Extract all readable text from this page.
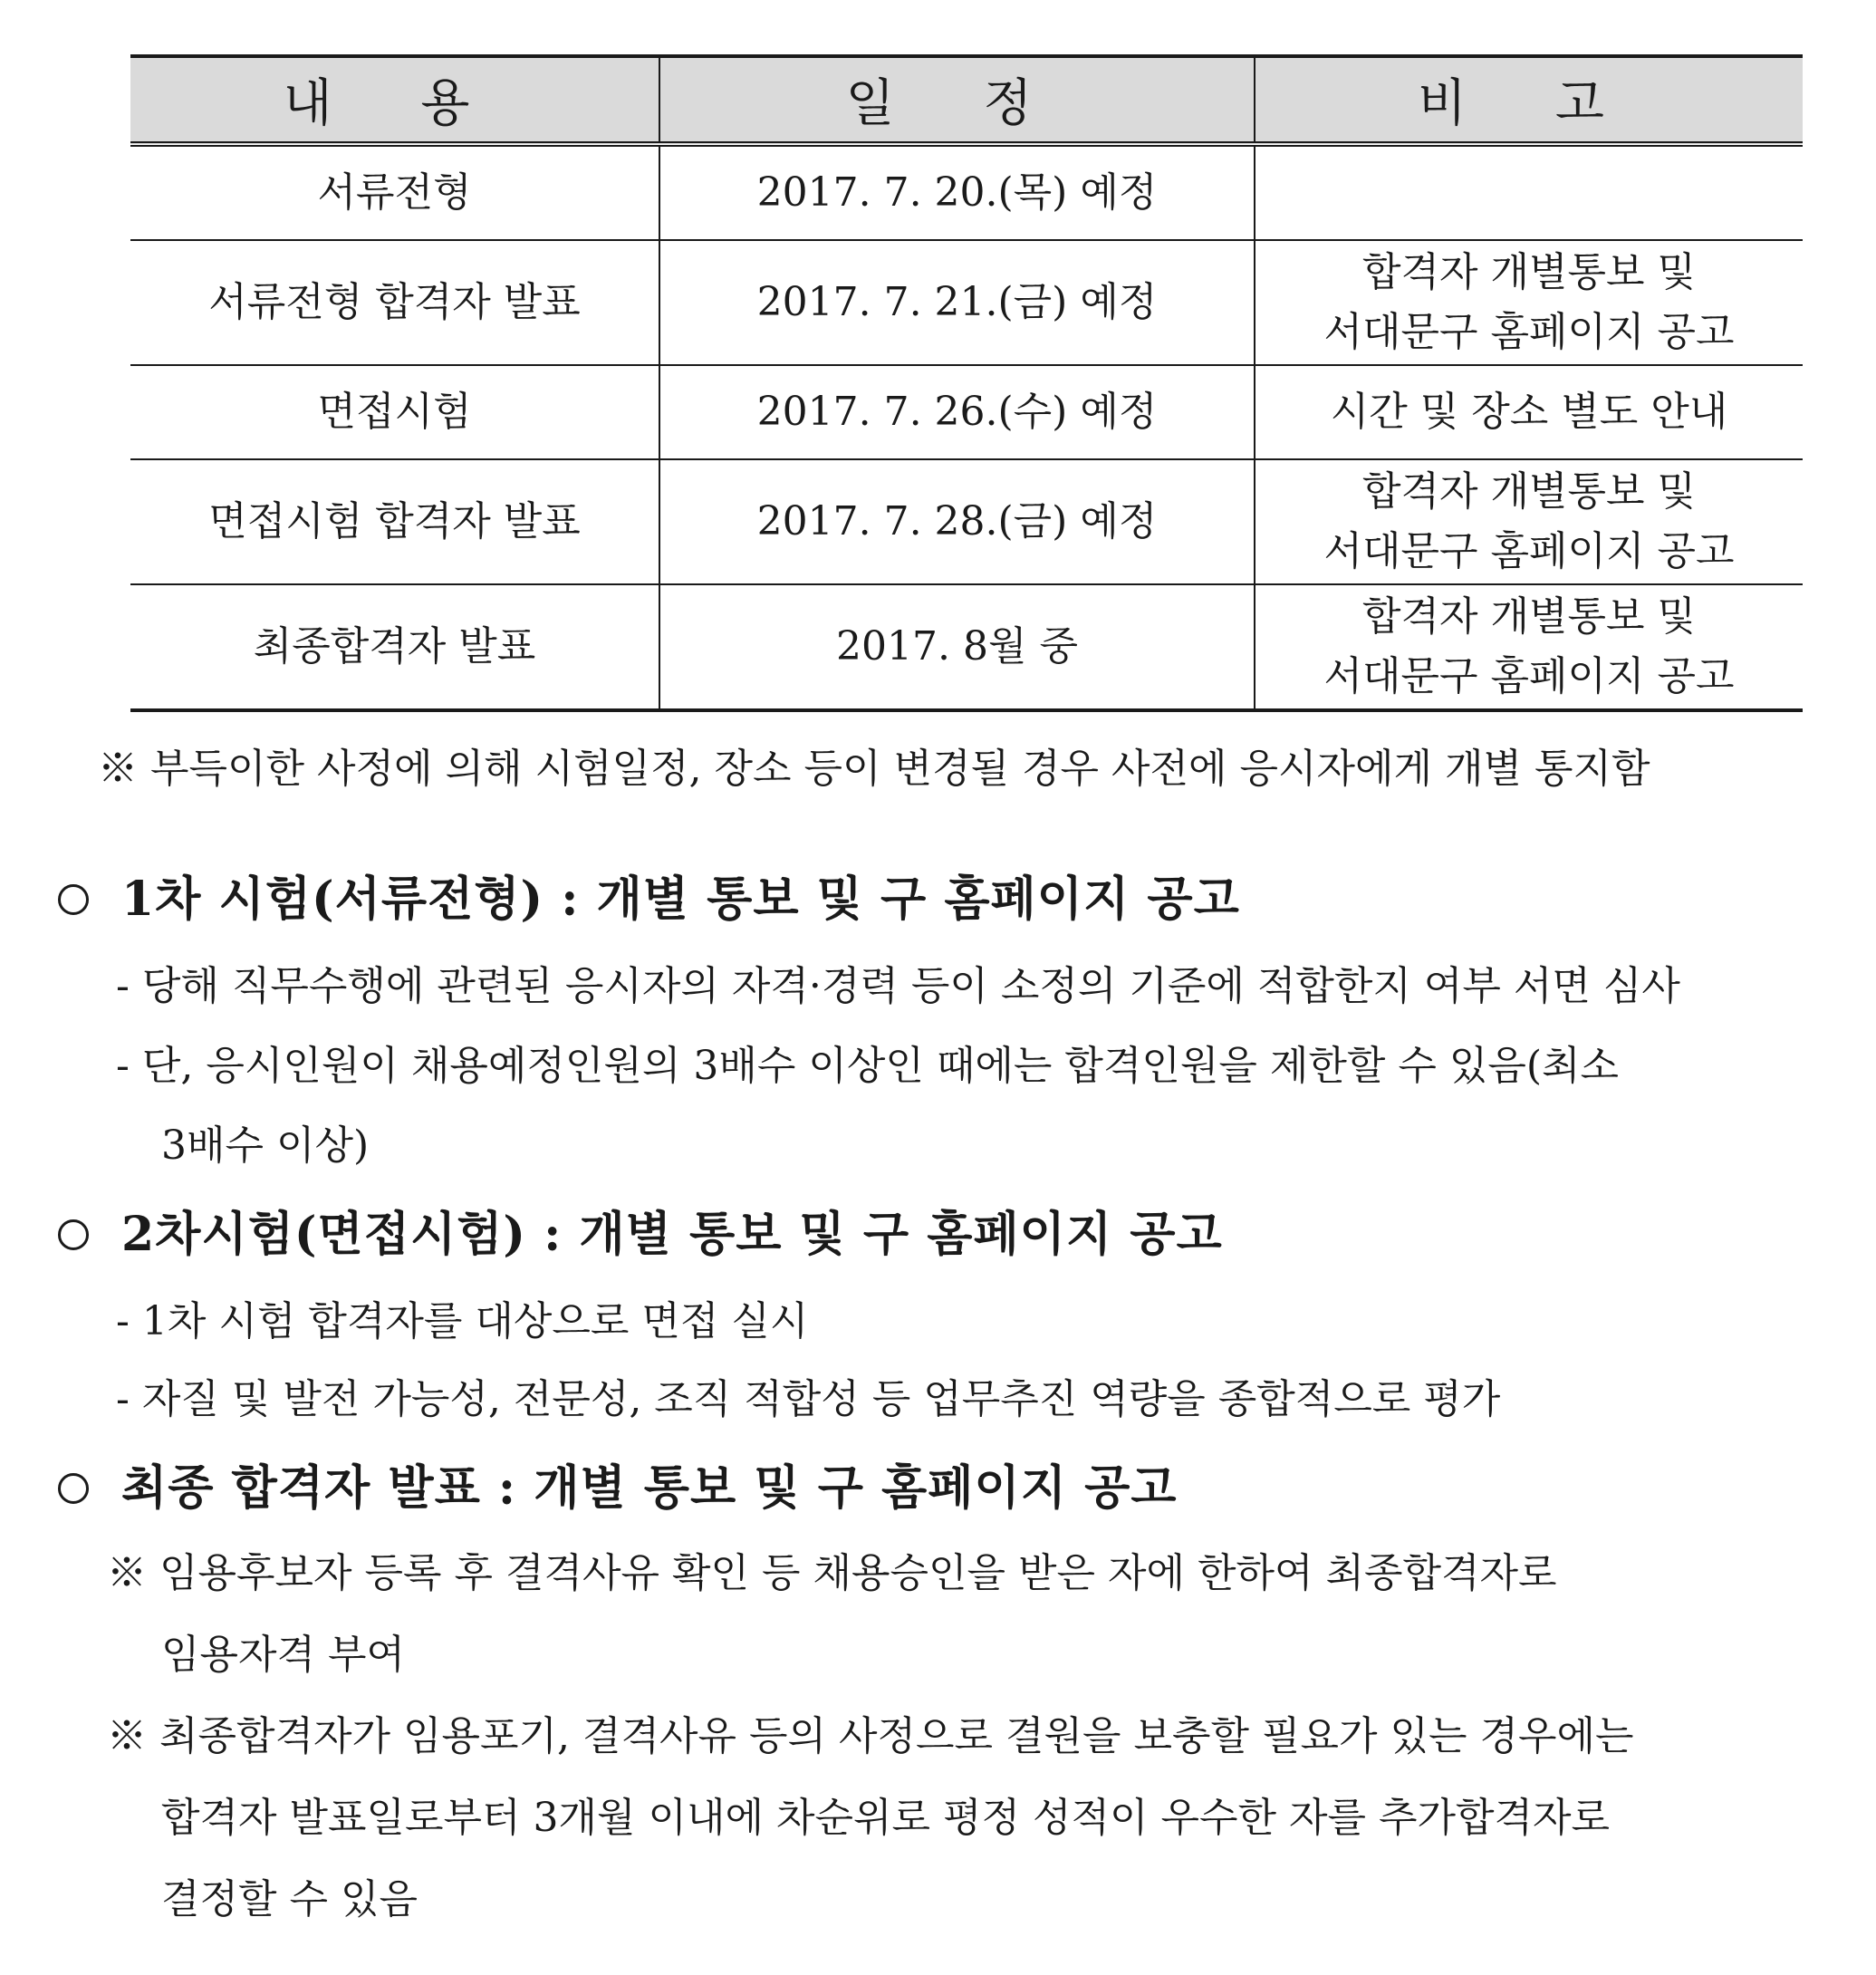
내 용	일 정	비 고
서류전형	2017. 7. 20.(목) 예정	
서류전형 합격자 발표	2017. 7. 21.(금) 예정	합격자 개별통보 및
서대문구 홈페이지 공고
면접시험	2017. 7. 26.(수) 예정	시간 및 장소 별도 안내
면접시험 합격자 발표	2017. 7. 28.(금) 예정	합격자 개별통보 및
서대문구 홈페이지 공고
최종합격자 발표	2017. 8월 중	합격자 개별통보 및
서대문구 홈페이지 공고
※ 부득이한 사정에 의해 시험일정, 장소 등이 변경될 경우 사전에 응시자에게 개별 통지함
1차 시험(서류전형) : 개별 통보 및 구 홈페이지 공고
- 당해 직무수행에 관련된 응시자의 자격·경력 등이 소정의 기준에 적합한지 여부 서면 심사
- 단, 응시인원이 채용예정인원의 3배수 이상인 때에는 합격인원을 제한할 수 있음(최소
3배수 이상)
2차시험(면접시험) : 개별 통보 및 구 홈페이지 공고
- 1차 시험 합격자를 대상으로 면접 실시
- 자질 및 발전 가능성, 전문성, 조직 적합성 등 업무추진 역량을 종합적으로 평가
최종 합격자 발표 : 개별 통보 및 구 홈페이지 공고
※ 임용후보자 등록 후 결격사유 확인 등 채용승인을 받은 자에 한하여 최종합격자로
임용자격 부여
※ 최종합격자가 임용포기, 결격사유 등의 사정으로 결원을 보충할 필요가 있는 경우에는
합격자 발표일로부터 3개월 이내에 차순위로 평정 성적이 우수한 자를 추가합격자로
결정할 수 있음
